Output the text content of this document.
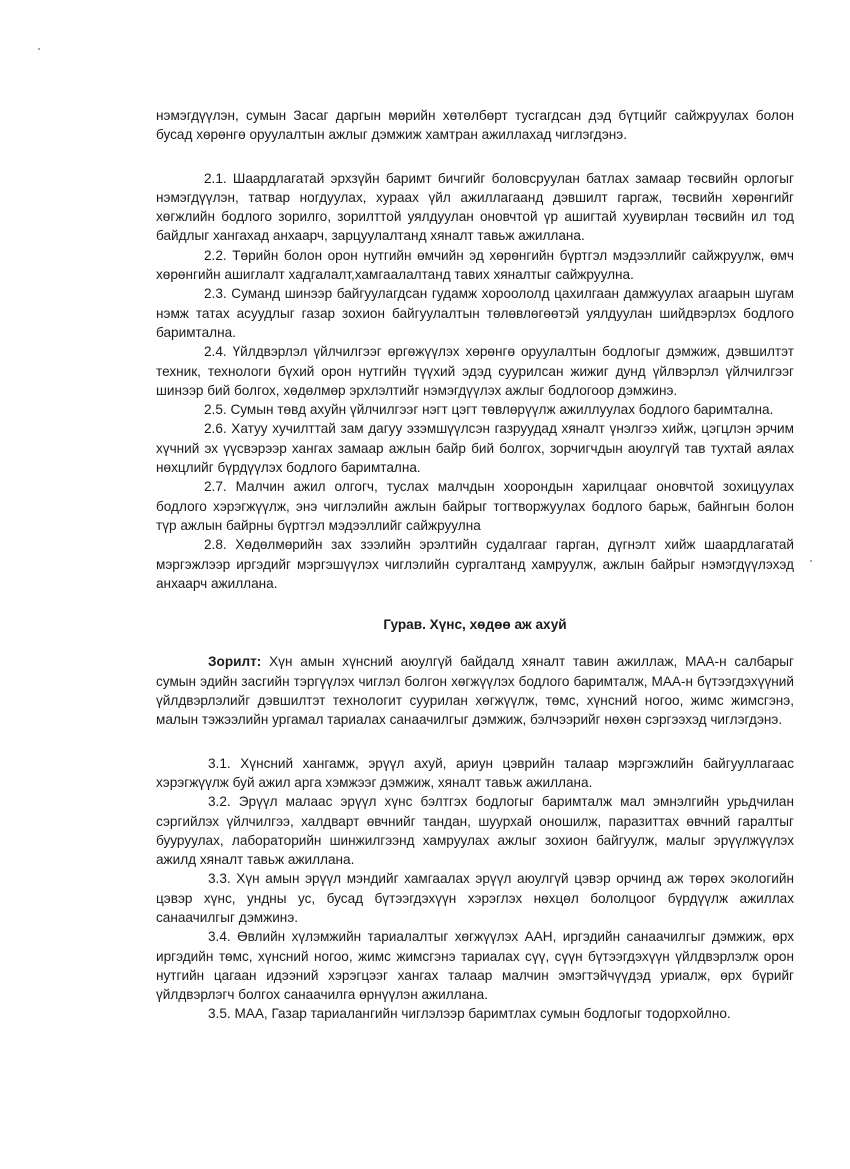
нэмэгдүүлэн, сумын Засаг даргын мөрийн хөтөлбөрт тусгагдсан дэд бүтцийг сайжруулах болон бусад хөрөнгө оруулалтын ажлыг дэмжиж хамтран ажиллахад чиглэгдэнэ.

2.1. Шаардлагатай эрхзүйн баримт бичгийг боловсруулан батлах замаар төсвийн орлогыг нэмэгдүүлэн, татвар ногдуулах, хураах үйл ажиллагаанд дэвшилт гаргаж, төсвийн хөрөнгийг хөгжлийн бодлого зорилго, зорилттой уялдуулан оновчтой үр ашигтай хуувирлан төсвийн ил тод байдлыг хангахад анхаарч, зарцуулалтанд хяналт тавьж ажиллана.

2.2. Төрийн болон орон нутгийн өмчийн эд хөрөнгийн бүртгэл мэдээллийг сайжруулж, өмч хөрөнгийн ашиглалт хадгалалт,хамгаалалтанд тавих хяналтыг сайжруулна.

2.3. Суманд шинээр байгуулагдсан гудамж хороололд цахилгаан дамжуулах агаарын шугам нэмж татах асуудлыг газар зохион байгуулалтын төлөвлөгөөтэй уялдуулан шийдвэрлэх бодлого баримтална.

2.4. Үйлдвэрлэл үйлчилгээг өргөжүүлэх хөрөнгө оруулалтын бодлогыг дэмжиж, дэвшилтэт техник, технологи бүхий орон нутгийн түүхий эдэд суурилсан жижиг дунд үйлвэрлэл үйлчилгээг шинээр бий болгох, хөдөлмөр эрхлэлтийг нэмэгдүүлэх ажлыг бодлогоор дэмжинэ.

2.5. Сумын төвд ахуйн үйлчилгээг нэгт цэгт төвлөрүүлж ажиллуулах бодлого баримтална.

2.6. Хатуу хучилттай зам дагуу эзэмшүүлсэн газруудад хяналт үнэлгээ хийж, цэгцлэн эрчим хүчний эх үүсвэрээр хангах замаар ажлын байр бий болгох, зорчигчдын аюулгүй тав тухтай аялах нөхцлийг бүрдүүлэх бодлого баримтална.

2.7. Малчин ажил олгогч, туслах малчдын хоорондын харилцааг оновчтой зохицуулах бодлого хэрэгжүүлж, энэ чиглэлийн ажлын байрыг тогтворжуулах бодлого барьж, байнгын болон түр ажлын байрны бүртгэл мэдээллийг сайжруулна

2.8. Хөдөлмөрийн зах зээлийн эрэлтийн судалгааг гарган, дүгнэлт хийж шаардлагатай мэргэжлээр иргэдийг мэргэшүүлэх чиглэлийн сургалтанд хамруулж, ажлын байрыг нэмэгдүүлэхэд анхаарч ажиллана.

Гурав. Хүнс, хөдөө аж ахуй

Зорилт: Хүн амын хүнсний аюулгүй байдалд хяналт тавин ажиллаж, МАА-н салбарыг сумын эдийн засгийн тэргүүлэх чиглэл болгон хөгжүүлэх бодлого баримталж, МАА-н бүтээгдэхүүний үйлдвэрлэлийг дэвшилтэт технологит суурилан хөгжүүлж, төмс, хүнсний ногоо, жимс жимсгэнэ, малын тэжээлийн ургамал тариалах санаачилгыг дэмжиж, бэлчээрийг нөхөн сэргээхэд чиглэгдэнэ.

3.1. Хүнсний хангамж, эрүүл ахуй, ариун цэврийн талаар мэргэжлийн байгууллагаас хэрэгжүүлж буй ажил арга хэмжээг дэмжиж, хяналт тавьж ажиллана.

3.2. Эрүүл малаас эрүүл хүнс бэлтгэх бодлогыг баримталж мал эмнэлгийн урьдчилан сэргийлэх үйлчилгээ, халдварт өвчнийг тандан, шуурхай оношилж, паразиттах өвчний гаралтыг бууруулах, лабораторийн шинжилгээнд хамруулах ажлыг зохион байгуулж, малыг эрүүлжүүлэх ажилд хяналт тавьж ажиллана.

3.3. Хүн амын эрүүл мэндийг хамгаалах эрүүл аюулгүй цэвэр орчинд аж төрөх экологийн цэвэр хүнс, ундны ус, бусад бүтээгдэхүүн хэрэглэх нөхцөл бололцоог бүрдүүлж ажиллах санаачилгыг дэмжинэ.

3.4. Өвлийн хүлэмжийн тариалалтыг хөгжүүлэх ААН, иргэдийн санаачилгыг дэмжиж, өрх иргэдийн төмс, хүнсний ногоо, жимс жимсгэнэ тариалах сүү, сүүн бүтээгдэхүүн үйлдвэрлэлж орон нутгийн цагаан идээний хэрэгцээг хангах талаар малчин эмэгтэйчүүдэд уриалж, өрх бүрийг үйлдвэрлэгч болгох санаачилга өрнүүлэн ажиллана.

3.5. МАА, Газар тариалангийн чиглэлээр баримтлах сумын бодлогыг тодорхойлно.
